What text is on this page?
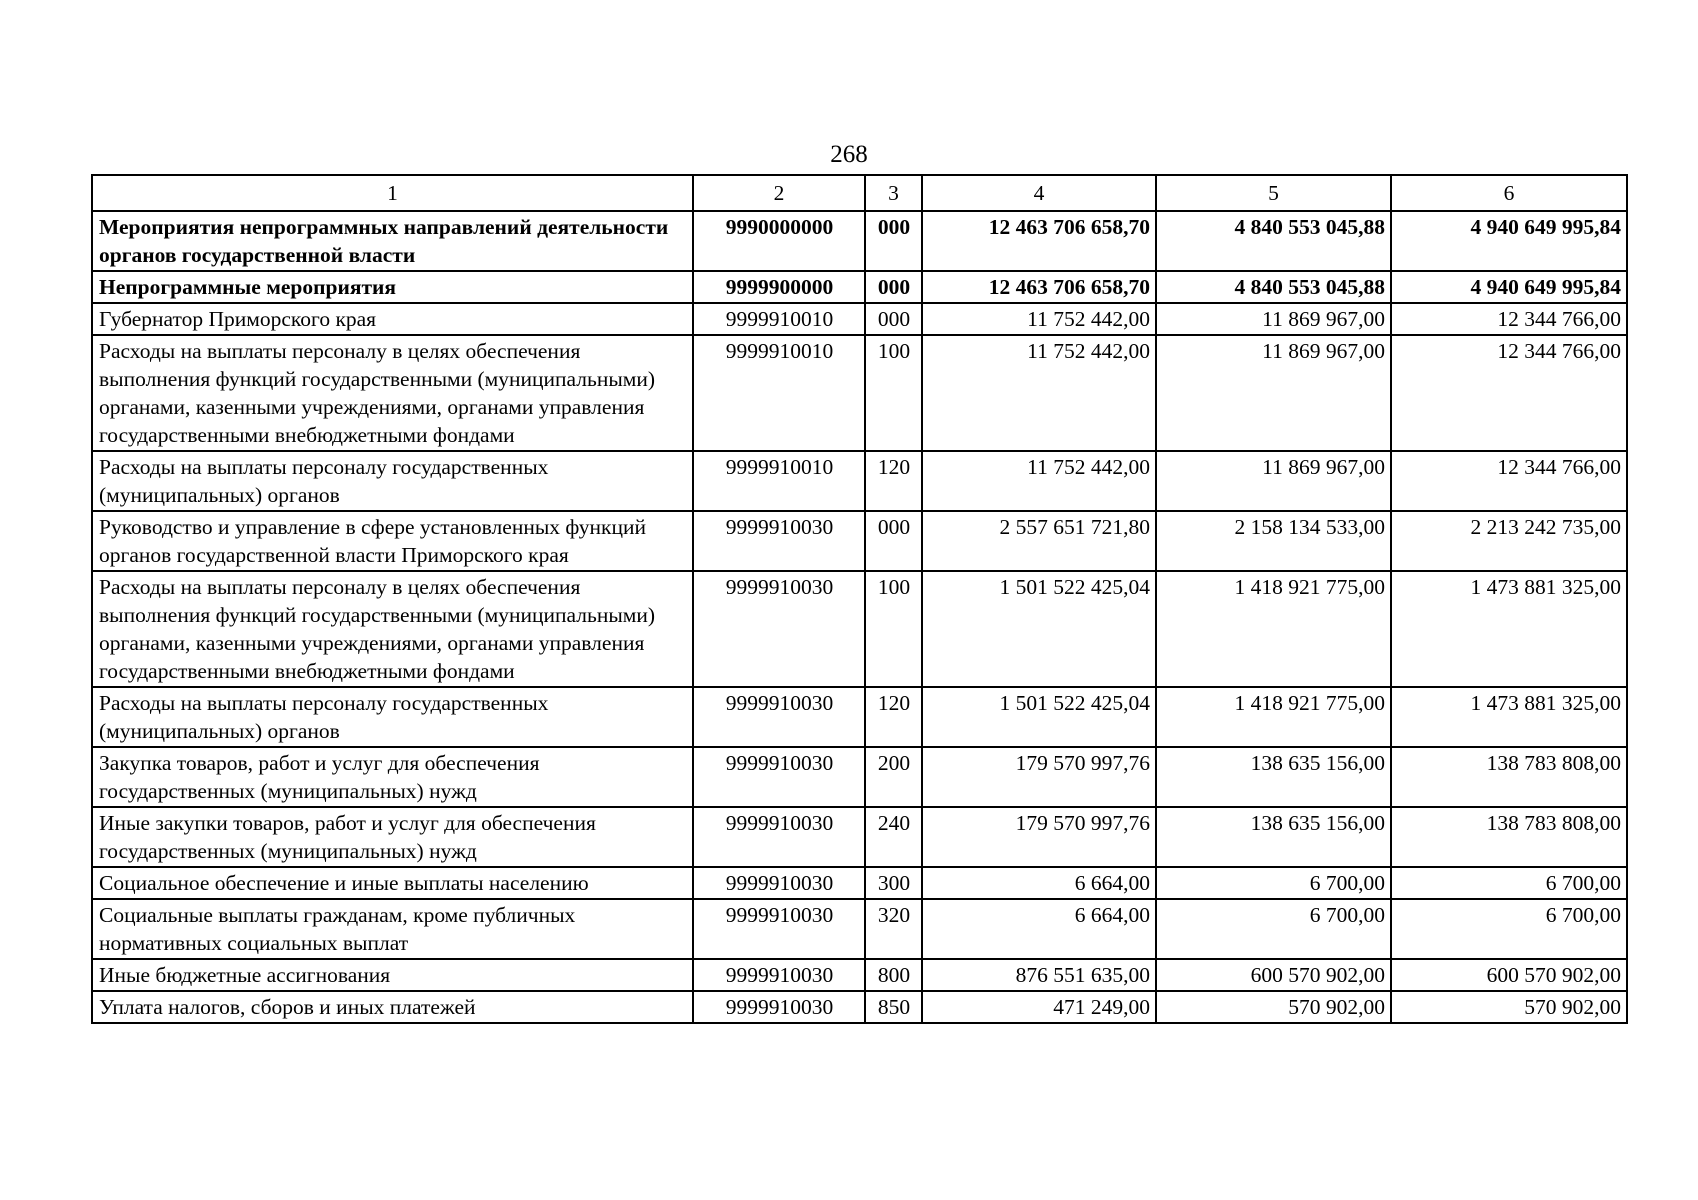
268
1	2	3	4	5	6
Мероприятия непрограммных направлений деятельности органов государственной власти	9990000000	000	12 463 706 658,70	4 840 553 045,88	4 940 649 995,84
Непрограммные мероприятия	9999900000	000	12 463 706 658,70	4 840 553 045,88	4 940 649 995,84
Губернатор Приморского края	9999910010	000	11 752 442,00	11 869 967,00	12 344 766,00
Расходы на выплаты персоналу в целях обеспечения выполнения функций государственными (муниципальными) органами, казенными учреждениями, органами управления государственными внебюджетными фондами	9999910010	100	11 752 442,00	11 869 967,00	12 344 766,00
Расходы на выплаты персоналу государственных (муниципальных) органов	9999910010	120	11 752 442,00	11 869 967,00	12 344 766,00
Руководство и управление в сфере установленных функций органов государственной власти Приморского края	9999910030	000	2 557 651 721,80	2 158 134 533,00	2 213 242 735,00
Расходы на выплаты персоналу в целях обеспечения выполнения функций государственными (муниципальными) органами, казенными учреждениями, органами управления государственными внебюджетными фондами	9999910030	100	1 501 522 425,04	1 418 921 775,00	1 473 881 325,00
Расходы на выплаты персоналу государственных (муниципальных) органов	9999910030	120	1 501 522 425,04	1 418 921 775,00	1 473 881 325,00
Закупка товаров, работ и услуг для обеспечения государственных (муниципальных) нужд	9999910030	200	179 570 997,76	138 635 156,00	138 783 808,00
Иные закупки товаров, работ и услуг для обеспечения государственных (муниципальных) нужд	9999910030	240	179 570 997,76	138 635 156,00	138 783 808,00
Социальное обеспечение и иные выплаты населению	9999910030	300	6 664,00	6 700,00	6 700,00
Социальные выплаты гражданам, кроме публичных нормативных социальных выплат	9999910030	320	6 664,00	6 700,00	6 700,00
Иные бюджетные ассигнования	9999910030	800	876 551 635,00	600 570 902,00	600 570 902,00
Уплата налогов, сборов и иных платежей	9999910030	850	471 249,00	570 902,00	570 902,00
